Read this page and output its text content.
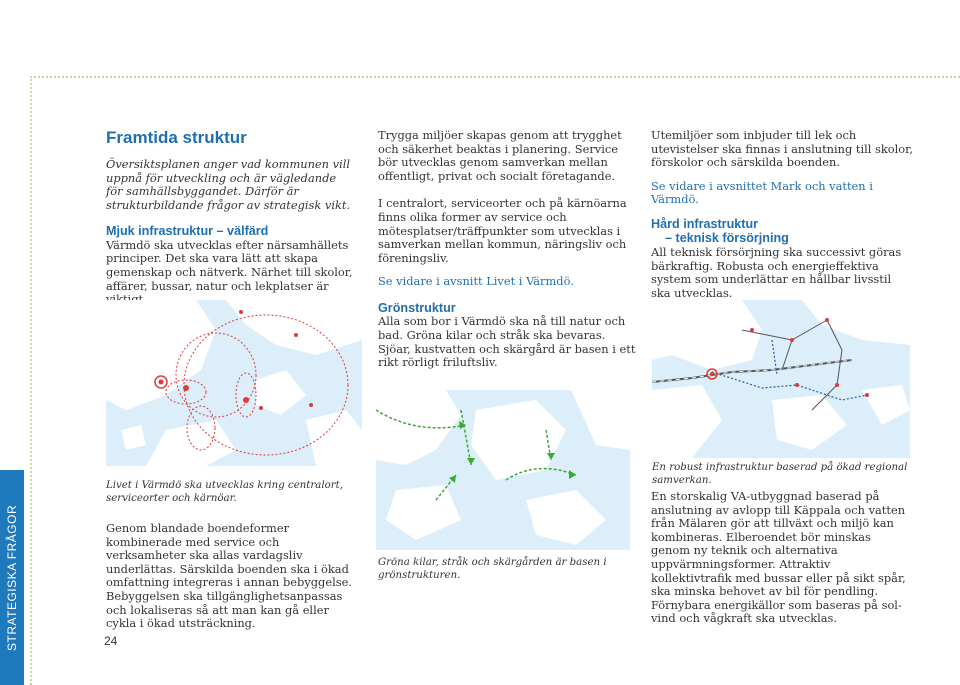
STRATEGISKA FRÅGOR	24
Framtida struktur

Översiktsplanen anger vad kommunen vill uppnå för utveckling och är vägledande för samhällsbyggandet. Därför är strukturbildande frågor av strategisk vikt.

Mjuk infrastruktur – välfärd

Värmdö ska utvecklas efter närsamhällets principer. Det ska vara lätt att skapa gemenskap och nätverk. Närhet till skolor, affärer, bussar, natur och lekplatser är

Livet i Värmdö ska utvecklas kring centralort, serviceorter och kärnöar.

Genom blandade boendeformer kombinerade med service och verksamheter ska allas vardagsliv underlättas. Särskilda boenden ska i ökad omfattning integreras i annan bebyggelse. Bebyggelsen ska tillgänglighetsanpassas och lokaliseras så att man kan gå eller cykla i ökad utsträckning.

Trygga miljöer skapas genom att trygghet och säkerhet beaktas i planering. Service bör utvecklas genom samverkan mellan offentligt, privat och socialt företagande.

I centralort, serviceorter och på kärnöarna finns olika former av service och mötesplatser/träffpunkter som utvecklas i samverkan mellan kommun, näringsliv och föreningsliv.

Se vidare i avsnitt Livet i Värmdö.

Grönstruktur

Alla som bor i Värmdö ska nå till natur och bad. Gröna kilar och stråk ska bevaras. Sjöar, kustvatten och skärgård är basen i ett rikt rörligt friluftsliv.

Gröna kilar, stråk och skärgården är basen i grönstrukturen.

Utemiljöer som inbjuder till lek och utevistelser ska finnas i anslutning till skolor, förskolor och särskilda boenden.

Se vidare i avsnittet Mark och vatten i Värmdö.

Hård infrastruktur
– teknisk försörjning

All teknisk försörjning ska successivt göras bärkraftig. Robusta och energieffektiva system som underlättar en hållbar livsstil ska utvecklas.

En robust infrastruktur baserad på ökad regional samverkan.

En storskalig VA-utbyggnad baserad på anslutning av avlopp till Käppala och vatten från Mälaren gör att tillväxt och miljö kan kombineras. Elberoendet bör minskas genom ny teknik och alternativa uppvärmningsformer. Attraktiv kollektivtrafik med bussar eller på sikt spår, ska minska behovet av bil för pendling. Förnybara energikällor som baseras på sol- vind och vågkraft ska utvecklas.
